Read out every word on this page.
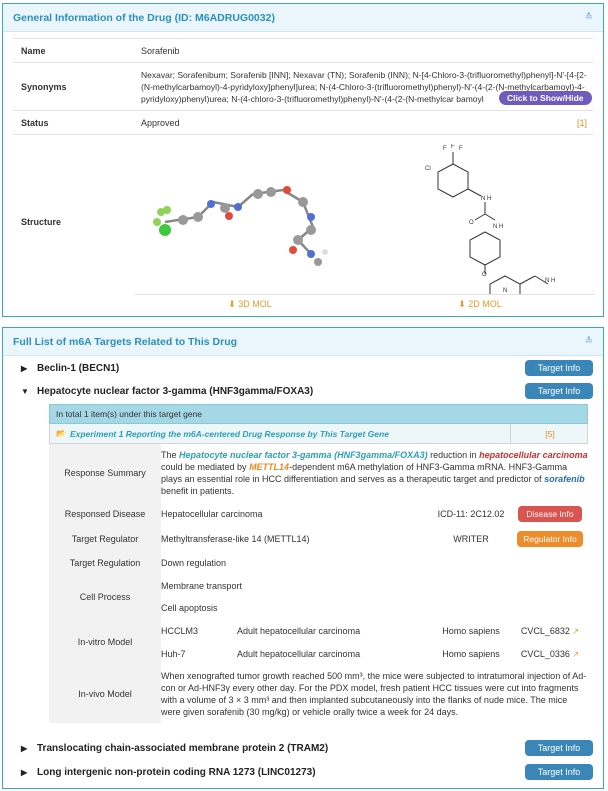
General Information of the Drug (ID: M6ADRUG0032)	≛
Name	Sorafenib
Synonyms	Nexavar; Sorafenibum; Sorafenib [INN]; Nexavar (TN); Sorafenib (INN); N-[4-Chloro-3-(trifluoromethyl)phenyl]-N'-[4-[2-(N-methylcarbamoyl)-4-pyridyloxy]phenyl]urea; N-(4-Chloro-3-(trifluoromethyl)phenyl)-N'-(4-(2-(N-methylcarbamoyl)-4-pyridyloxy)phenyl)urea; N-(4-chloro-3-(trifluoromethyl)phenyl)-N'-(4-(2-(N-methylcar bamoyl

Status	Approved [1]

Structure	
Click to Show/Hide
F F F
Cl
N H
O
N H
O
N
N H
⬇ 3D MOL	⬇ 2D MOL
Full List of m6A Targets Related to This Drug	≛
▶ Beclin-1 (BECN1)	Target Info
▼ Hepatocyte nuclear factor 3-gamma (HNF3gamma/FOXA3)	Target Info
In total 1 item(s) under this target gene
📂 Experiment 1 Reporting the m6A-centered Drug Response by This Target Gene	[5]
Response Summary	The Hepatocyte nuclear factor 3-gamma (HNF3gamma/FOXA3) reduction in hepatocellular carcinoma could be mediated by METTL14-dependent m6A methylation of HNF3-Gamma mRNA. HNF3-Gamma plays an essential role in HCC differentiation and serves as a therapeutic target and predictor of sorafenib benefit in patients.			
Responsed Disease	Hepatocellular carcinoma		ICD-11: 2C12.02	Disease Info
Target Regulator	Methyltransferase-like 14 (METTL14)		WRITER	Regulator Info
Target Regulation	Down regulation			
Cell Process	Membrane transport			
	Cell apoptosis			
In-vitro Model	HCCLM3	Adult hepatocellular carcinoma	Homo sapiens	CVCL_6832 ↗
	Huh-7	Adult hepatocellular carcinoma	Homo sapiens	CVCL_0336 ↗
In-vivo Model	When xenografted tumor growth reached 500 mm³, the mice were subjected to intratumoral injection of Ad-con or Ad-HNF3γ every other day. For the PDX model, fresh patient HCC tissues were cut into fragments with a volume of 3 × 3 mm³ and then implanted subcutaneously into the flanks of nude mice. The mice were given sorafenib (30 mg/kg) or vehicle orally twice a week for 24 days.			
▶ Translocating chain-associated membrane protein 2 (TRAM2)	Target Info
▶ Long intergenic non-protein coding RNA 1273 (LINC01273)	Target Info
